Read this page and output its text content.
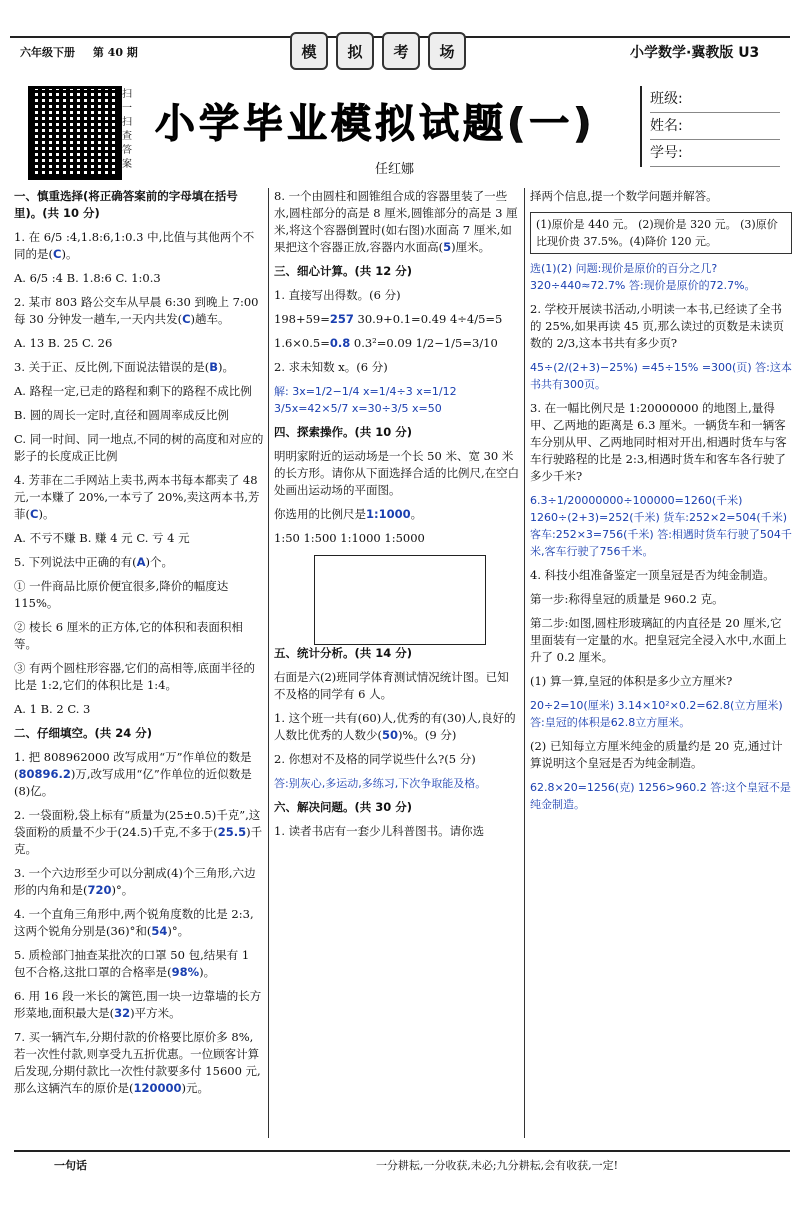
六年级下册 第 40 期	模	拟	考	场	小学数学·冀教版 U3
扫一扫 查答案
小学毕业模拟试题(一)
任红娜
班级:
姓名:
学号:

一、慎重选择(将正确答案前的字母填在括号里)。(共 10 分)

1. 在 6/5 :4,1.8:6,1:0.3 中,比值与其他两个不同的是(C)。

A. 6/5 :4 B. 1.8:6 C. 1:0.3

2. 某市 803 路公交车从早晨 6:30 到晚上 7:00 每 30 分钟发一趟车,一天内共发(C)趟车。

A. 13 B. 25 C. 26

3. 关于正、反比例,下面说法错误的是(B)。

A. 路程一定,已走的路程和剩下的路程不成比例

B. 圆的周长一定时,直径和圆周率成反比例

C. 同一时间、同一地点,不同的树的高度和对应的影子的长度成正比例

4. 芳菲在二手网站上卖书,两本书每本都卖了 48 元,一本赚了 20%,一本亏了 20%,卖这两本书,芳菲(C)。

A. 不亏不赚 B. 赚 4 元 C. 亏 4 元

5. 下列说法中正确的有(A)个。

① 一件商品比原价便宜很多,降价的幅度达 115%。

② 棱长 6 厘米的正方体,它的体积和表面积相等。

③ 有两个圆柱形容器,它们的高相等,底面半径的比是 1:2,它们的体积比是 1:4。

A. 1 B. 2 C. 3

二、仔细填空。(共 24 分)

1. 把 808962000 改写成用“万”作单位的数是(80896.2)万,改写成用“亿”作单位的近似数是(8)亿。

2. 一袋面粉,袋上标有“质量为(25±0.5)千克”,这袋面粉的质量不少于(24.5)千克,不多于(25.5)千克。

3. 一个六边形至少可以分割成(4)个三角形,六边形的内角和是(720)°。

4. 一个直角三角形中,两个锐角度数的比是 2:3,这两个锐角分别是(36)°和(54)°。

5. 质检部门抽查某批次的口罩 50 包,结果有 1 包不合格,这批口罩的合格率是(98%)。

6. 用 16 段一米长的篱笆,围一块一边靠墙的长方形菜地,面积最大是(32)平方米。

7. 买一辆汽车,分期付款的价格要比原价多 8%,若一次性付款,则享受九五折优惠。一位顾客计算后发现,分期付款比一次性付款要多付 15600 元,那么这辆汽车的原价是(120000)元。

8. 一个由圆柱和圆锥组合成的容器里装了一些水,圆柱部分的高是 8 厘米,圆锥部分的高是 3 厘米,将这个容器倒置时(如右图)水面高 7 厘米,如果把这个容器正放,容器内水面高(5)厘米。

三、细心计算。(共 12 分)

1. 直接写出得数。(6 分)

198+59=257 30.9+0.1=0.49 4÷4/5=5

1.6×0.5=0.8 0.3²=0.09 1/2−1/5=3/10

2. 求未知数 x。(6 分)

解: 3x=1/2−1/4 x=1/4÷3 x=1/12 3/5x=42×5/7 x=30÷3/5 x=50

四、探索操作。(共 10 分)

明明家附近的运动场是一个长 50 米、宽 30 米的长方形。请你从下面选择合适的比例尺,在空白处画出运动场的平面图。

你选用的比例尺是1:1000。

1:50 1:500 1:1000 1:5000

五、统计分析。(共 14 分)

右面是六(2)班同学体育测试情况统计图。已知不及格的同学有 6 人。

1. 这个班一共有(60)人,优秀的有(30)人,良好的人数比优秀的人数少(50)%。(9 分)

2. 你想对不及格的同学说些什么?(5 分)

答:别灰心,多运动,多练习,下次争取能及格。

六、解决问题。(共 30 分)

1. 读者书店有一套少儿科普图书。请你选

择两个信息,提一个数学问题并解答。

(1)原价是 440 元。 (2)现价是 320 元。 (3)原价比现价贵 37.5%。(4)降价 120 元。

选(1)(2) 问题:现价是原价的百分之几? 320÷440≈72.7% 答:现价是原价的72.7%。

2. 学校开展读书活动,小明读一本书,已经读了全书的 25%,如果再读 45 页,那么读过的页数是未读页数的 2/3,这本书共有多少页?

45÷(2/(2+3)−25%) =45÷15% =300(页) 答:这本书共有300页。

3. 在一幅比例尺是 1:20000000 的地图上,量得甲、乙两地的距离是 6.3 厘米。一辆货车和一辆客车分别从甲、乙两地同时相对开出,相遇时货车与客车行驶路程的比是 2:3,相遇时货车和客车各行驶了多少千米?

6.3÷1/20000000÷100000=1260(千米) 1260÷(2+3)=252(千米) 货车:252×2=504(千米) 客车:252×3=756(千米) 答:相遇时货车行驶了504千米,客车行驶了756千米。

4. 科技小组准备鉴定一顶皇冠是否为纯金制造。

第一步:称得皇冠的质量是 960.2 克。

第二步:如图,圆柱形玻璃缸的内直径是 20 厘米,它里面装有一定量的水。把皇冠完全浸入水中,水面上升了 0.2 厘米。

(1) 算一算,皇冠的体积是多少立方厘米?

20÷2=10(厘米) 3.14×10²×0.2=62.8(立方厘米) 答:皇冠的体积是62.8立方厘米。

(2) 已知每立方厘米纯金的质量约是 20 克,通过计算说明这个皇冠是否为纯金制造。

62.8×20=1256(克) 1256>960.2 答:这个皇冠不是纯金制造。

一句话	一分耕耘,一分收获,未必;九分耕耘,会有收获,一定!
